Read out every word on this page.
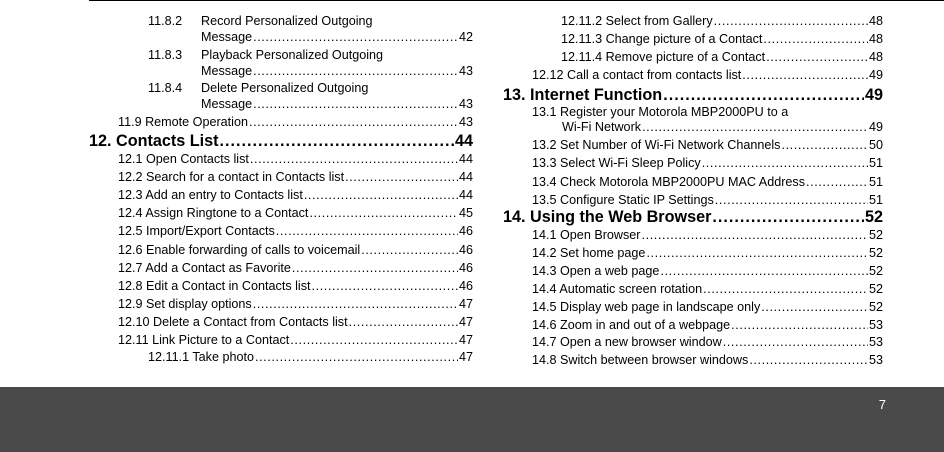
11.8.2 Record Personalized Outgoing
Message .....	42
11.8.3 Playback Personalized Outgoing
Message .....	43
11.8.4 Delete Personalized Outgoing
Message .....	43
11.9 Remote Operation .....	43
12. Contacts List .....	44
12.1 Open Contacts list .....	44
12.2 Search for a contact in Contacts list .....	44
12.3 Add an entry to Contacts list .....	44
12.4 Assign Ringtone to a Contact .....	45
12.5 Import/Export Contacts .....	46
12.6 Enable forwarding of calls to voicemail .....	46
12.7 Add a Contact as Favorite .....	46
12.8 Edit a Contact in Contacts list .....	46
12.9 Set display options .....	47
12.10 Delete a Contact from Contacts list .....	47
12.11 Link Picture to a Contact .....	47
12.11.1 Take photo .....	47
12.11.2 Select from Gallery .....	48
12.11.3 Change picture of a Contact .....	48
12.11.4 Remove picture of a Contact .....	48
12.12 Call a contact from contacts list .....	49
13. Internet Function .....	49
13.1 Register your Motorola MBP2000PU to a
Wi-Fi Network .....	49
13.2 Set Number of Wi-Fi Network Channels .....	50
13.3 Select Wi-Fi Sleep Policy .....	51
13.4 Check Motorola MBP2000PU MAC Address .....	51
13.5 Configure Static IP Settings .....	51
14. Using the Web Browser .....	52
14.1 Open Browser .....	52
14.2 Set home page .....	52
14.3 Open a web page .....	52
14.4 Automatic screen rotation .....	52
14.5 Display web page in landscape only .....	52
14.6 Zoom in and out of a webpage .....	53
14.7 Open a new browser window .....	53
14.8 Switch between browser windows .....	53
7
